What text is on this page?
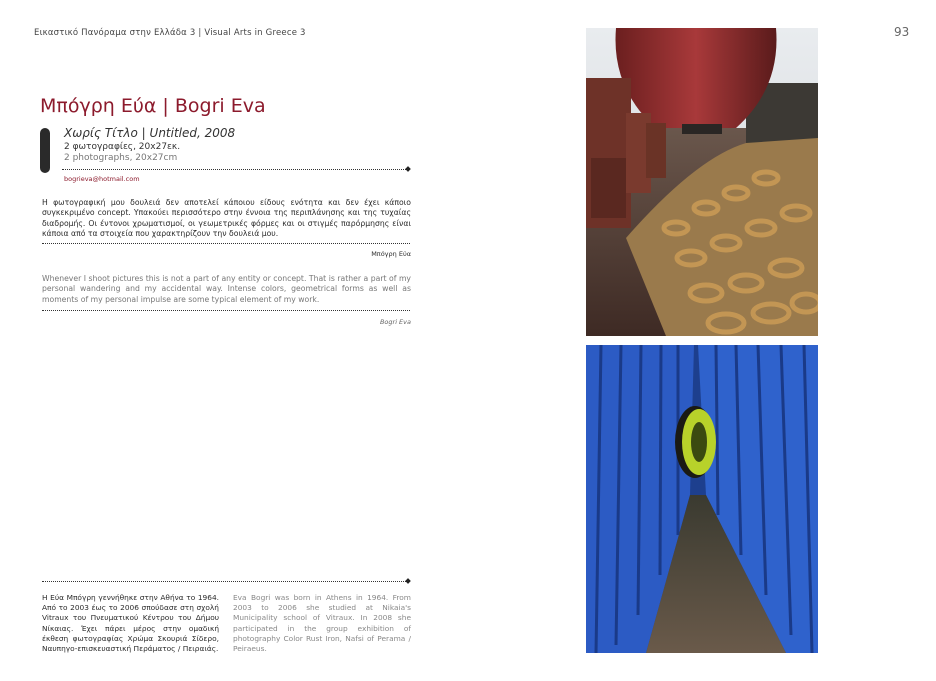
Εικαστικό Πανόραμα στην Ελλάδα 3 | Visual Arts in Greece 3	93
Μπόγρη Εύα | Bogri Eva
Χωρίς Τίτλο | Untitled, 2008
2 φωτογραφίες, 20x27εκ.
2 photographs, 20x27cm
bogrieva@hotmail.com
Η φωτογραφική μου δουλειά δεν αποτελεί κάποιου είδους ενότητα και δεν έχει κάποιο συγκεκριμένο concept. Υπακούει περισσότερο στην έννοια της περιπλάνησης και της τυχαίας διαδρομής. Οι έντονοι χρωματισμοί, οι γεωμετρικές φόρμες και οι στιγμές παρόρμησης είναι κάποια από τα στοιχεία που χαρακτηρίζουν την δουλειά μου.
Μπόγρη Εύα
Whenever I shoot pictures this is not a part of any entity or concept. That is rather a part of my personal wandering and my accidental way. Intense colors, geometrical forms as well as moments of my personal impulse are some typical element of my work.
Bogri Eva
Η Εύα Μπόγρη γεννήθηκε στην Αθήνα το 1964. Από το 2003 έως το 2006 σπούδασε στη σχολή Vitraux του Πνευματικού Κέντρου του Δήμου Νίκαιας. Έχει πάρει μέρος στην ομαδική έκθεση φωτογραφίας Χρώμα Σκουριά Σίδερο, Ναυπηγο-επισκευαστική Περάματος / Πειραιάς.
Eva Bogri was born in Athens in 1964. From 2003 to 2006 she studied at Nikaia's Municipality school of Vitraux. In 2008 she participated in the group exhibition of photography Color Rust Iron, Nafsi of Perama / Peiraeus.
